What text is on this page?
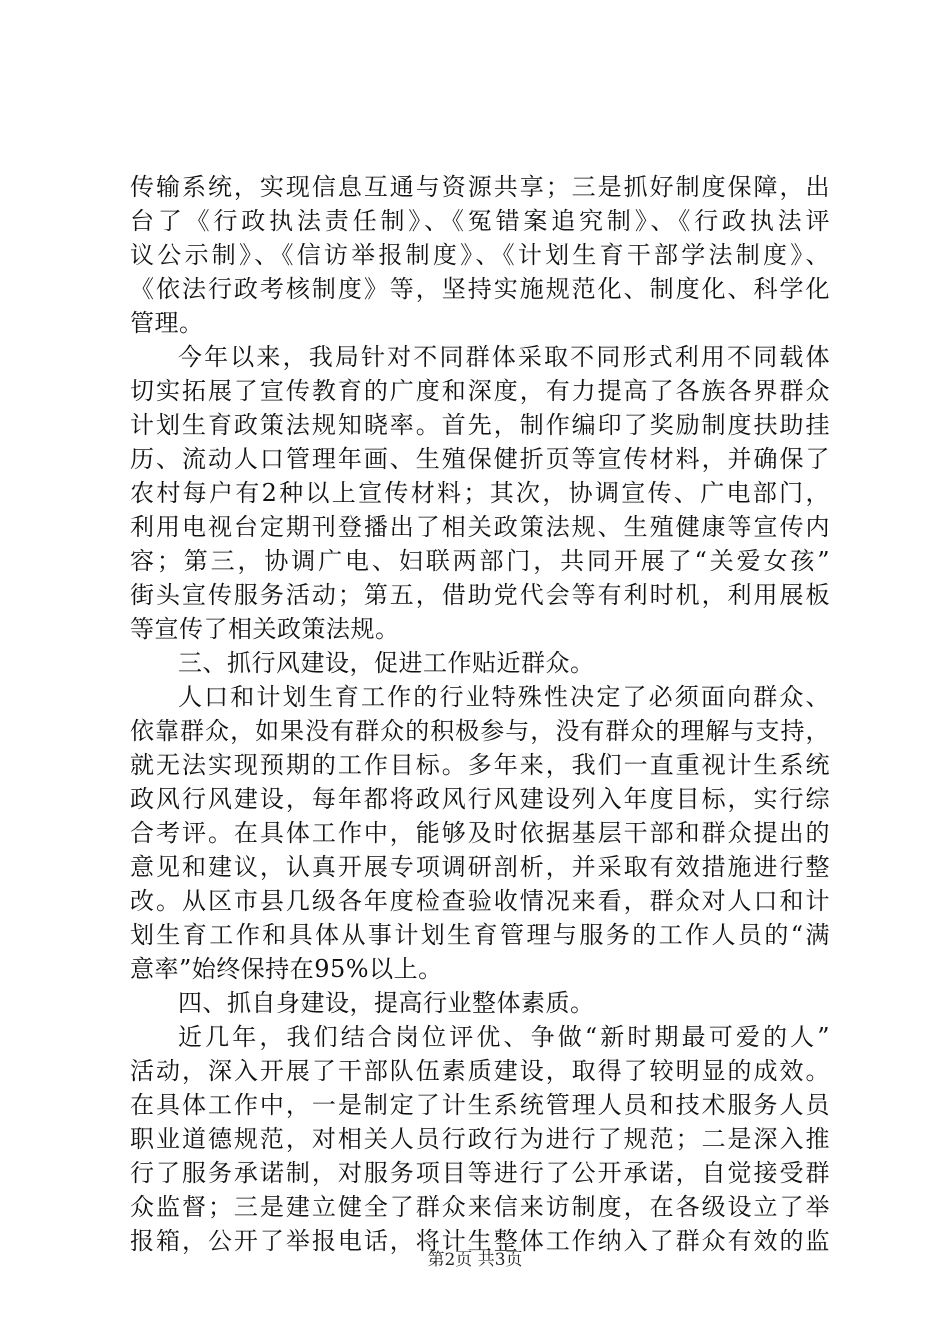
传输系统，实现信息互通与资源共享；三是抓好制度保障，出
台了《行政执法责任制》、《冤错案追究制》、《行政执法评
议公示制》、《信访举报制度》、《计划生育干部学法制度》、
《依法行政考核制度》等，坚持实施规范化、制度化、科学化
管理。
今年以来，我局针对不同群体采取不同形式利用不同载体
切实拓展了宣传教育的广度和深度，有力提高了各族各界群众
计划生育政策法规知晓率。首先，制作编印了奖励制度扶助挂
历、流动人口管理年画、生殖保健折页等宣传材料，并确保了
农村每户有2种以上宣传材料；其次，协调宣传、广电部门，
利用电视台定期刊登播出了相关政策法规、生殖健康等宣传内
容；第三，协调广电、妇联两部门，共同开展了“关爱女孩”
街头宣传服务活动；第五，借助党代会等有利时机，利用展板
等宣传了相关政策法规。
三、抓行风建设，促进工作贴近群众。
人口和计划生育工作的行业特殊性决定了必须面向群众、
依靠群众，如果没有群众的积极参与，没有群众的理解与支持，
就无法实现预期的工作目标。多年来，我们一直重视计生系统
政风行风建设，每年都将政风行风建设列入年度目标，实行综
合考评。在具体工作中，能够及时依据基层干部和群众提出的
意见和建议，认真开展专项调研剖析，并采取有效措施进行整
改。从区市县几级各年度检查验收情况来看，群众对人口和计
划生育工作和具体从事计划生育管理与服务的工作人员的“满
意率”始终保持在95%以上。
四、抓自身建设，提高行业整体素质。
近几年，我们结合岗位评优、争做“新时期最可爱的人”
活动，深入开展了干部队伍素质建设，取得了较明显的成效。
在具体工作中，一是制定了计生系统管理人员和技术服务人员
职业道德规范，对相关人员行政行为进行了规范；二是深入推
行了服务承诺制，对服务项目等进行了公开承诺，自觉接受群
众监督；三是建立健全了群众来信来访制度，在各级设立了举
报箱，公开了举报电话，将计生整体工作纳入了群众有效的监
第2页 共3页
